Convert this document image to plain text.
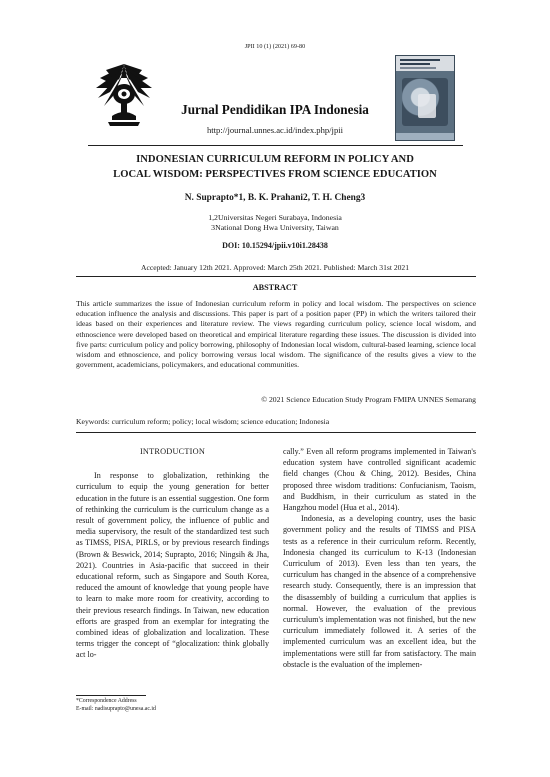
JPII 10 (1) (2021) 69-80
Jurnal Pendidikan IPA Indonesia
http://journal.unnes.ac.id/index.php/jpii
INDONESIAN CURRICULUM REFORM IN POLICY AND
LOCAL WISDOM: PERSPECTIVES FROM SCIENCE EDUCATION
N. Suprapto*1, B. K. Prahani2, T. H. Cheng3
1,2Universitas Negeri Surabaya, Indonesia
3National Dong Hwa University, Taiwan
DOI: 10.15294/jpii.v10i1.28438
Accepted: January 12th 2021. Approved: March 25th 2021. Published: March 31st 2021
ABSTRACT
This article summarizes the issue of Indonesian curriculum reform in policy and local wisdom. The perspectives on science education influence the analysis and discussions. This paper is part of a position paper (PP) in which the writers tailored their ideas based on their experiences and literature review. The views regarding curriculum policy, science local wisdom, and ethnoscience were developed based on theoretical and empirical literature regarding these issues. The discussion is divided into five parts: curriculum policy and policy borrowing, philosophy of Indonesian local wisdom, cultural-based learning, science local wisdom and ethnoscience, and policy borrowing versus local wisdom. The significance of the results gives a view to the government, academicians, policymakers, and educational communities.
© 2021 Science Education Study Program FMIPA UNNES Semarang
Keywords: curriculum reform; policy; local wisdom; science education; Indonesia
INTRODUCTION

In response to globalization, rethinking the curriculum to equip the young generation for better education in the future is an essential suggestion. One form of rethinking the curriculum is the curriculum change as a result of government policy, the influence of public and media supervisory, the result of the standardized test such as TIMSS, PISA, PIRLS, or by previous research findings (Brown & Beswick, 2014; Suprapto, 2016; Ningsih & Jha, 2021). Countries in Asia-pacific that succeed in their educational reform, such as Singapore and South Korea, reduced the amount of knowledge that young people have to learn to make more room for creativity, according to their previous research findings. In Taiwan, new education efforts are grasped from an exemplar for integrating the combined ideas of globalization and localization. These terms trigger the concept of “glocalization: think globally act lo-

cally.” Even all reform programs implemented in Taiwan's education system have controlled significant academic field changes (Chou & Ching, 2012). Besides, China proposed three wisdom traditions: Confucianism, Taoism, and Buddhism, in their curriculum as stated in the Hangzhou model (Hua et al., 2014).

Indonesia, as a developing country, uses the basic government policy and the results of TIMSS and PISA tests as a reference in their curriculum reform. Recently, Indonesia changed its curriculum to K-13 (Indonesian Curriculum of 2013). Even less than ten years, the curriculum has changed in the absence of a comprehensive research study. Consequently, there is an impression that the disassembly of building a curriculum that applies is normal. However, the evaluation of the previous curriculum's implementation was not finished, but the new curriculum immediately followed it. A series of the implemented curriculum was an excellent idea, but the implementations were still far from satisfactory. The main obstacle is the evaluation of the implemen-

*Correspondence Address
E-mail: nadisuprapto@unesa.ac.id
